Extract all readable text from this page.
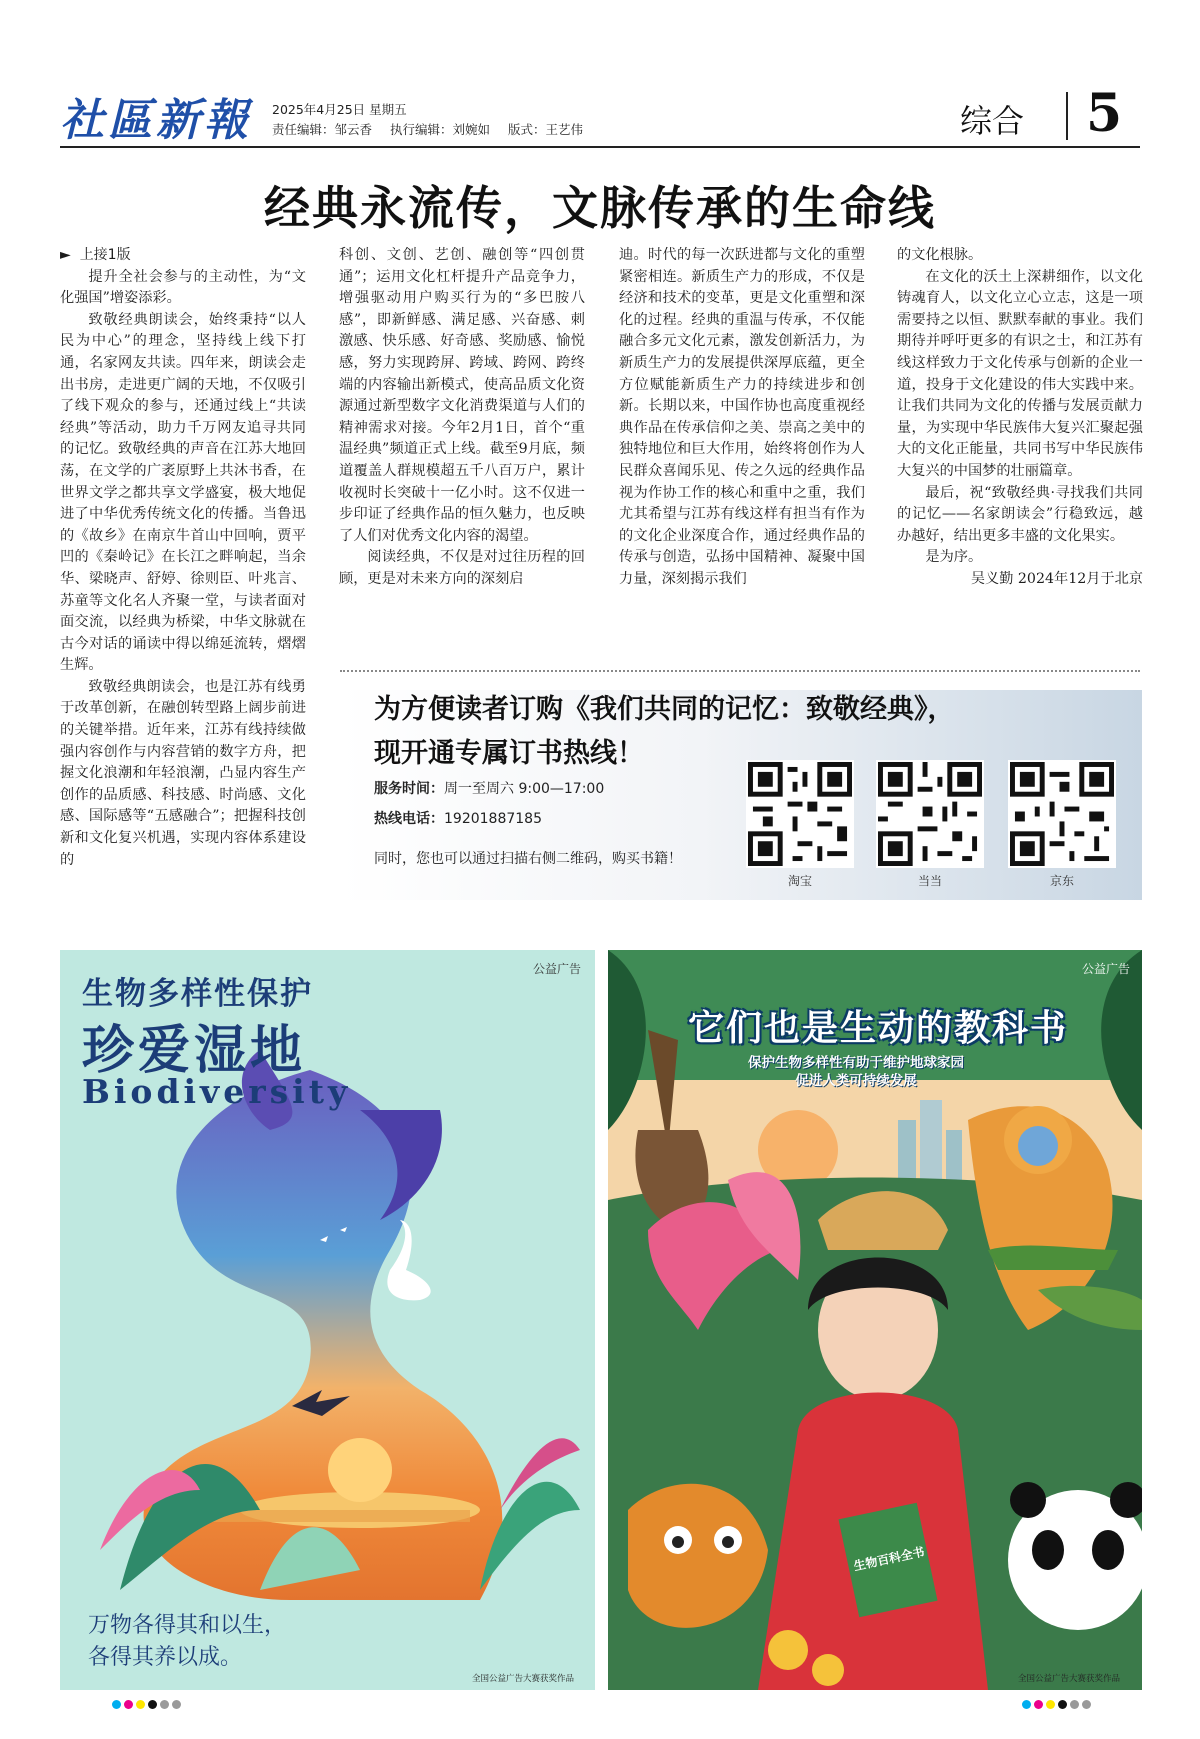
社區新報 2025年4月25日 星期五
责任编辑：邹云香 执行编辑：刘婉如 版式：王艺伟	综合 5
经典永流传，文脉传承的生命线

► 上接1版

提升全社会参与的主动性，为“文化强国”增姿添彩。

致敬经典朗读会，始终秉持“以人民为中心”的理念，坚持线上线下打通，名家网友共读。四年来，朗读会走出书房，走进更广阔的天地，不仅吸引了线下观众的参与，还通过线上“共读经典”等活动，助力千万网友追寻共同的记忆。致敬经典的声音在江苏大地回荡，在文学的广袤原野上共沐书香，在世界文学之都共享文学盛宴，极大地促进了中华优秀传统文化的传播。当鲁迅的《故乡》在南京牛首山中回响，贾平凹的《秦岭记》在长江之畔响起，当余华、梁晓声、舒婷、徐则臣、叶兆言、苏童等文化名人齐聚一堂，与读者面对面交流，以经典为桥梁，中华文脉就在古今对话的诵读中得以绵延流转，熠熠生辉。

致敬经典朗读会，也是江苏有线勇于改革创新，在融创转型路上阔步前进的关键举措。近年来，江苏有线持续做强内容创作与内容营销的数字方舟，把握文化浪潮和年轻浪潮，凸显内容生产创作的品质感、科技感、时尚感、文化感、国际感等“五感融合”；把握科技创新和文化复兴机遇，实现内容体系建设的

科创、文创、艺创、融创等“四创贯通”；运用文化杠杆提升产品竞争力，增强驱动用户购买行为的“多巴胺八感”，即新鲜感、满足感、兴奋感、刺激感、快乐感、好奇感、奖励感、愉悦感，努力实现跨屏、跨域、跨网、跨终端的内容输出新模式，使高品质文化资源通过新型数字文化消费渠道与人们的精神需求对接。今年2月1日，首个“重温经典”频道正式上线。截至9月底，频道覆盖人群规模超五千八百万户，累计收视时长突破十一亿小时。这不仅进一步印证了经典作品的恒久魅力，也反映了人们对优秀文化内容的渴望。

阅读经典，不仅是对过往历程的回顾，更是对未来方向的深刻启

迪。时代的每一次跃进都与文化的重塑紧密相连。新质生产力的形成，不仅是经济和技术的变革，更是文化重塑和深化的过程。经典的重温与传承，不仅能融合多元文化元素，激发创新活力，为新质生产力的发展提供深厚底蕴，更全方位赋能新质生产力的持续进步和创新。长期以来，中国作协也高度重视经典作品在传承信仰之美、崇高之美中的独特地位和巨大作用，始终将创作为人民群众喜闻乐见、传之久远的经典作品视为作协工作的核心和重中之重，我们尤其希望与江苏有线这样有担当有作为的文化企业深度合作，通过经典作品的传承与创造，弘扬中国精神、凝聚中国力量，深刻揭示我们

的文化根脉。

在文化的沃土上深耕细作，以文化铸魂育人，以文化立心立志，这是一项需要持之以恒、默默奉献的事业。我们期待并呼吁更多的有识之士，和江苏有线这样致力于文化传承与创新的企业一道，投身于文化建设的伟大实践中来。让我们共同为文化的传播与发展贡献力量，为实现中华民族伟大复兴汇聚起强大的文化正能量，共同书写中华民族伟大复兴的中国梦的壮丽篇章。

最后，祝“致敬经典·寻找我们共同的记忆——名家朗读会”行稳致远，越办越好，结出更多丰盛的文化果实。

是为序。

吴义勤 2024年12月于北京

为方便读者订购《我们共同的记忆：致敬经典》，
现开通专属订书热线！
服务时间：周一至周六 9:00—17:00
热线电话：19201887185
同时，您也可以通过扫描右侧二维码，购买书籍！
淘宝	当当	京东
公益广告
生物多样性保护
珍爱湿地
Biodiversity
万物各得其和以生，
各得其养以成。
全国公益广告大赛获奖作品
公益广告
它们也是生动的教科书
保护生物多样性有助于维护地球家园
促进人类可持续发展
生物百科全书
全国公益广告大赛获奖作品
